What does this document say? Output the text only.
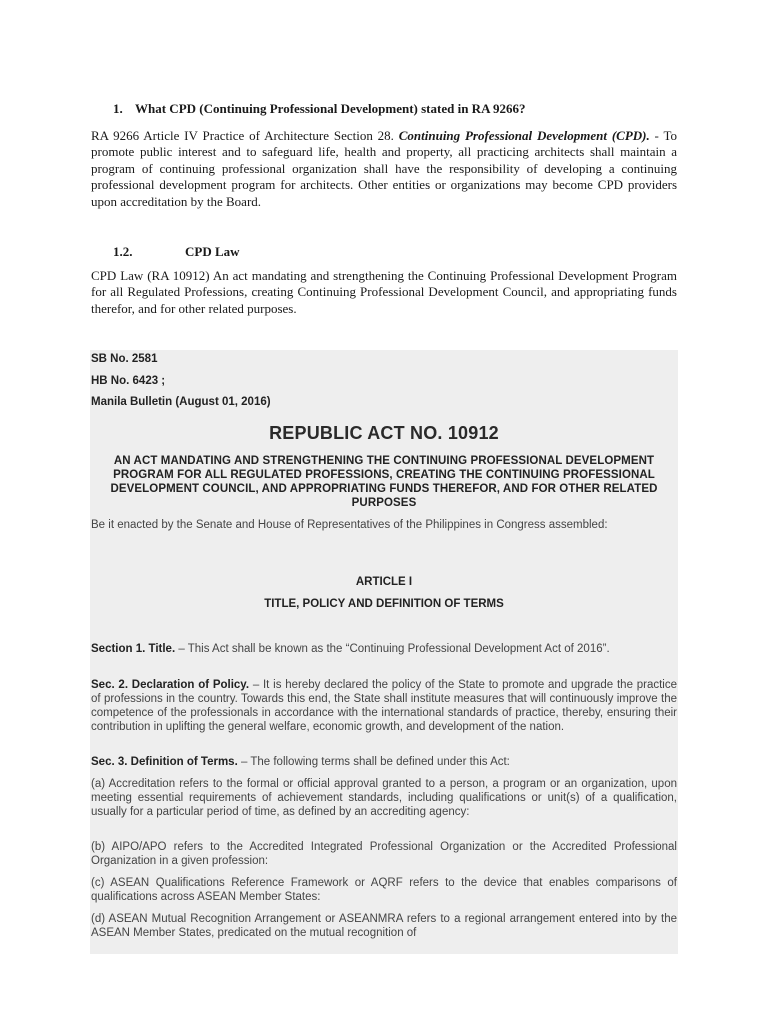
1. What CPD (Continuing Professional Development) stated in RA 9266?

RA 9266 Article IV Practice of Architecture Section 28. Continuing Professional Development (CPD). - To promote public interest and to safeguard life, health and property, all practicing architects shall maintain a program of continuing professional organization shall have the responsibility of developing a continuing professional development program for architects. Other entities or organizations may become CPD providers upon accreditation by the Board.

1.2.	CPD Law

CPD Law (RA 10912) An act mandating and strengthening the Continuing Professional Development Program for all Regulated Professions, creating Continuing Professional Development Council, and appropriating funds therefor, and for other related purposes.

SB No. 2581
HB No. 6423 ;
Manila Bulletin (August 01, 2016)
REPUBLIC ACT NO. 10912
AN ACT MANDATING AND STRENGTHENING THE CONTINUING PROFESSIONAL DEVELOPMENT PROGRAM FOR ALL REGULATED PROFESSIONS, CREATING THE CONTINUING PROFESSIONAL DEVELOPMENT COUNCIL, AND APPROPRIATING FUNDS THEREFOR, AND FOR OTHER RELATED PURPOSES
Be it enacted by the Senate and House of Representatives of the Philippines in Congress assembled:
ARTICLE I
TITLE, POLICY AND DEFINITION OF TERMS
Section 1. Title. – This Act shall be known as the “Continuing Professional Development Act of 2016”.
Sec. 2. Declaration of Policy. – It is hereby declared the policy of the State to promote and upgrade the practice of professions in the country. Towards this end, the State shall institute measures that will continuously improve the competence of the professionals in accordance with the international standards of practice, thereby, ensuring their contribution in uplifting the general welfare, economic growth, and development of the nation.
Sec. 3. Definition of Terms. – The following terms shall be defined under this Act:
(a) Accreditation refers to the formal or official approval granted to a person, a program or an organization, upon meeting essential requirements of achievement standards, including qualifications or unit(s) of a qualification, usually for a particular period of time, as defined by an accrediting agency:
(b) AIPO/APO refers to the Accredited Integrated Professional Organization or the Accredited Professional Organization in a given profession:
(c) ASEAN Qualifications Reference Framework or AQRF refers to the device that enables comparisons of qualifications across ASEAN Member States:
(d) ASEAN Mutual Recognition Arrangement or ASEANMRA refers to a regional arrangement entered into by the ASEAN Member States, predicated on the mutual recognition of
